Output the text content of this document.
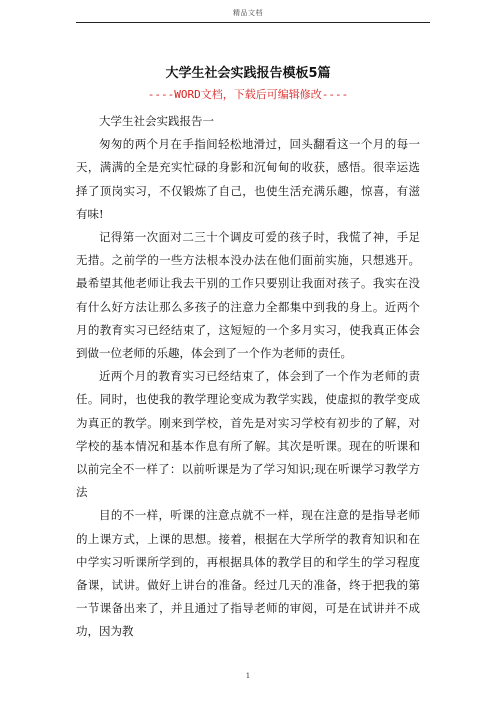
精品文档
大学生社会实践报告模板5篇
----WORD文档，下载后可编辑修改----

大学生社会实践报告一

匆匆的两个月在手指间轻松地滑过，回头翻看这一个月的每一天，满满的全是充实忙碌的身影和沉甸甸的收获，感悟。很幸运选择了顶岗实习，不仅锻炼了自己，也使生活充满乐趣，惊喜，有滋有味!

记得第一次面对二三十个调皮可爱的孩子时，我慌了神，手足无措。之前学的一些方法根本没办法在他们面前实施，只想逃开。最希望其他老师让我去干别的工作只要别让我面对孩子。我实在没有什么好方法让那么多孩子的注意力全都集中到我的身上。近两个月的教育实习已经结束了，这短短的一个多月实习，使我真正体会到做一位老师的乐趣，体会到了一个作为老师的责任。

近两个月的教育实习已经结束了，体会到了一个作为老师的责任。同时，也使我的教学理论变成为教学实践，使虚拟的教学变成为真正的教学。刚来到学校，首先是对实习学校有初步的了解，对学校的基本情况和基本作息有所了解。其次是听课。现在的听课和以前完全不一样了：以前听课是为了学习知识;现在听课学习教学方法

目的不一样，听课的注意点就不一样，现在注意的是指导老师的上课方式，上课的思想。接着，根据在大学所学的教育知识和在中学实习听课所学到的，再根据具体的教学目的和学生的学习程度备课，试讲。做好上讲台的准备。经过几天的准备，终于把我的第一节课备出来了，并且通过了指导老师的审阅，可是在试讲并不成功，因为教

1
